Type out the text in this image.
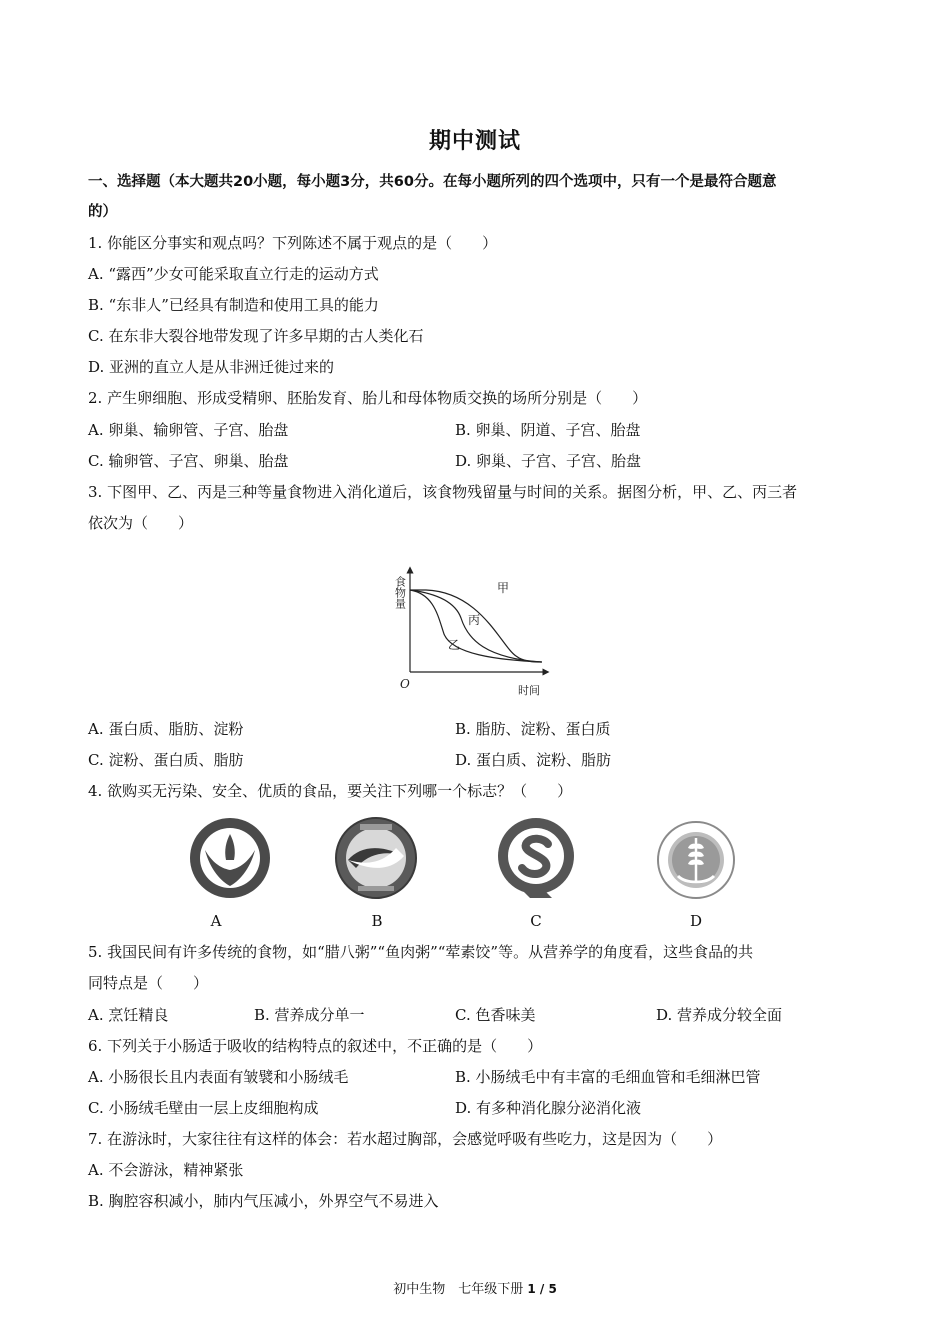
期中测试
一、选择题（本大题共20小题，每小题3分，共60分。在每小题所列的四个选项中，只有一个是最符合题意
的）
1. 你能区分事实和观点吗？下列陈述不属于观点的是（　　）
A. “露西”少女可能采取直立行走的运动方式
B. “东非人”已经具有制造和使用工具的能力
C. 在东非大裂谷地带发现了许多早期的古人类化石
D. 亚洲的直立人是从非洲迁徙过来的
2. 产生卵细胞、形成受精卵、胚胎发育、胎儿和母体物质交换的场所分别是（　　）
A. 卵巢、输卵管、子宫、胎盘	B. 卵巢、阴道、子宫、胎盘
C. 输卵管、子宫、卵巢、胎盘	D. 卵巢、子宫、子宫、胎盘
3. 下图甲、乙、丙是三种等量食物进入消化道后，该食物残留量与时间的关系。据图分析，甲、乙、丙三者
依次为（　　）
食物量
时间
O
甲
丙
乙
A. 蛋白质、脂肪、淀粉	B. 脂肪、淀粉、蛋白质
C. 淀粉、蛋白质、脂肪	D. 蛋白质、淀粉、脂肪
4. 欲购买无污染、安全、优质的食品，要关注下列哪一个标志？（　　）
A	B	C	D
5. 我国民间有许多传统的食物，如“腊八粥”“鱼肉粥”“荤素饺”等。从营养学的角度看，这些食品的共
同特点是（　　）
A. 烹饪精良	B. 营养成分单一	C. 色香味美	D. 营养成分较全面
6. 下列关于小肠适于吸收的结构特点的叙述中，不正确的是（　　）
A. 小肠很长且内表面有皱襞和小肠绒毛	B. 小肠绒毛中有丰富的毛细血管和毛细淋巴管
C. 小肠绒毛壁由一层上皮细胞构成	D. 有多种消化腺分泌消化液
7. 在游泳时，大家往往有这样的体会：若水超过胸部，会感觉呼吸有些吃力，这是因为（　　）
A. 不会游泳，精神紧张
B. 胸腔容积减小，肺内气压减小，外界空气不易进入
初中生物　七年级下册 1 / 5
